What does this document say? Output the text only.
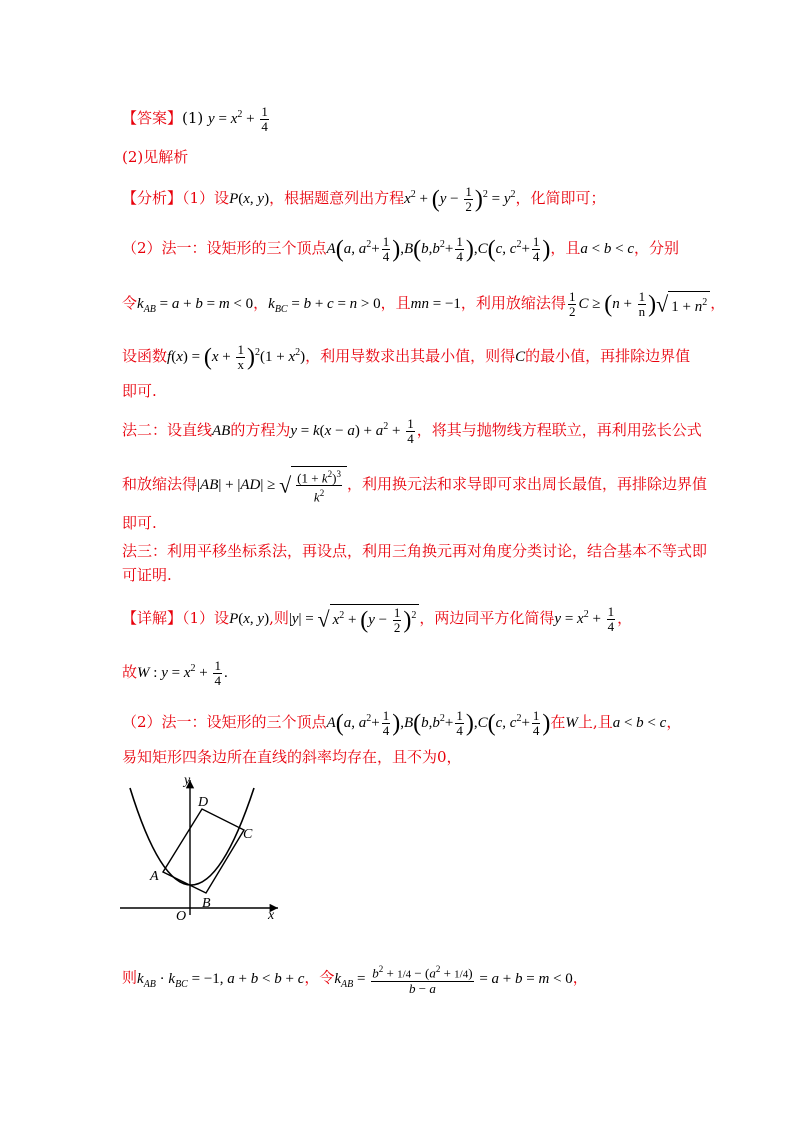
【答案】(1) $y = x^2 + \frac{1}{4}$
(2)见解析
【分析】（1）设P(x, y)，根据题意列出方程$x^2 + (y - \frac{1}{2} )^2 = y^2$，化简即可；
（2）法一：设矩形的三个顶点A(a, $a^2+ \frac{1}{4} ),B(b,b^2+ \frac{1}{4} ),C(c$, $c^2+ \frac{1}{4}$ )，且a < b < c，分别
令$k_{AB} = a + b = m < 0$，$k_{BC} = b + c = n > 0$，且mn = −1，利用放缩法得 $\frac{1}{2}$ $C \ge (n + \frac{1}{n}$ )√ $1 + n^2$ ，
设函数$f(x) = (x + \frac{1}{x} )^2(1 + x^2)$，利用导数求出其最小值，则得C的最小值，再排除边界值
即可.
法二：设直线AB的方程为$y = k(x - a) + a^2 + \frac{1}{4}$ ，将其与抛物线方程联立，再利用弦长公式
和放缩法得|AB| + |AD| ≥ √ $\frac{(1 + k^2)^3}{k^2}$ ，利用换元法和求导即可求出周长最值，再排除边界值
即可.
法三：利用平移坐标系法，再设点，利用三角换元再对角度分类讨论，结合基本不等式即
可证明.
【详解】（1）设P(x, y),则|y| = √ $x^2 + (y - \frac{1}{2} )^2$ ，两边同平方化简得$y = x^2 + \frac{1}{4}$ ，
故W : $y = x^2 + \frac{1}{4}$ .
（2）法一：设矩形的三个顶点A(a, $a^2+ \frac{1}{4} ),B(b,b^2+ \frac{1}{4} ),C(c$, $c^2+ \frac{1}{4}$ )在W上,且a < b < c，
易知矩形四条边所在直线的斜率均存在，且不为0，
y
x
O
A
B
C
D
则$k_{AB} \cdot k_{BC} = -1$, a + b < b + c，令$k_{AB} = \frac{b^2 + 1/4 - (a^2 + 1/4)}{b - a} = a + b = m < 0$，
